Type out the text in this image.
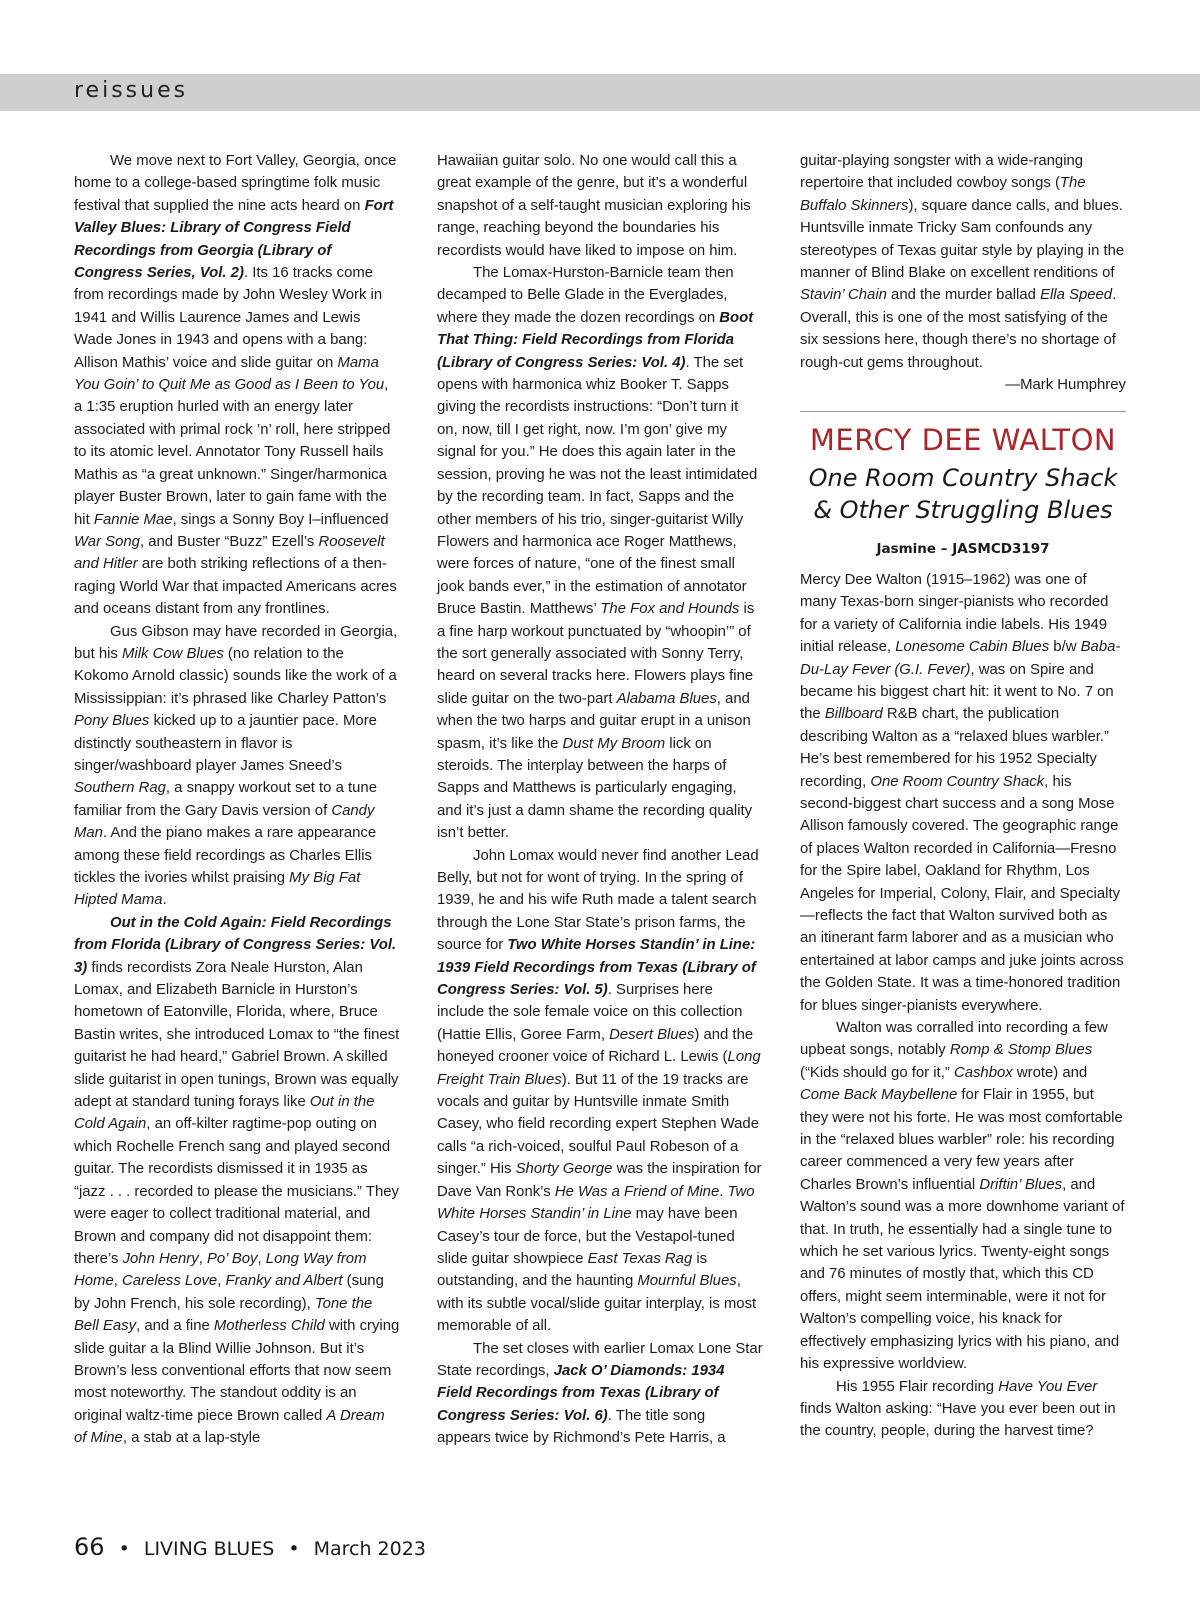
reissues

We move next to Fort Valley, Georgia, once home to a college-based springtime folk music festival that supplied the nine acts heard on Fort Valley Blues: Library of Congress Field Recordings from Georgia (Library of Congress Series, Vol. 2). Its 16 tracks come from recordings made by John Wesley Work in 1941 and Willis Laurence James and Lewis Wade Jones in 1943 and opens with a bang: Allison Mathis’ voice and slide guitar on Mama You Goin’ to Quit Me as Good as I Been to You, a 1:35 eruption hurled with an energy later associated with primal rock ’n’ roll, here stripped to its atomic level. Annotator Tony Russell hails Mathis as “a great unknown.” Singer/harmonica player Buster Brown, later to gain fame with the hit Fannie Mae, sings a Sonny Boy I–influenced War Song, and Buster “Buzz” Ezell’s Roosevelt and Hitler are both striking reflections of a then-raging World War that impacted Americans acres and oceans distant from any frontlines.

Gus Gibson may have recorded in Georgia, but his Milk Cow Blues (no relation to the Kokomo Arnold classic) sounds like the work of a Mississippian: it’s phrased like Charley Patton’s Pony Blues kicked up to a jauntier pace. More distinctly southeastern in flavor is singer/washboard player James Sneed’s Southern Rag, a snappy workout set to a tune familiar from the Gary Davis version of Candy Man. And the piano makes a rare appearance among these field recordings as Charles Ellis tickles the ivories whilst praising My Big Fat Hipted Mama.

Out in the Cold Again: Field Recordings from Florida (Library of Congress Series: Vol. 3) finds recordists Zora Neale Hurston, Alan Lomax, and Elizabeth Barnicle in Hurston’s hometown of Eatonville, Florida, where, Bruce Bastin writes, she introduced Lomax to “the finest guitarist he had heard,” Gabriel Brown. A skilled slide guitarist in open tunings, Brown was equally adept at standard tuning forays like Out in the Cold Again, an off-kilter ragtime-pop outing on which Rochelle French sang and played second guitar. The recordists dismissed it in 1935 as “jazz . . . recorded to please the musicians.” They were eager to collect traditional material, and Brown and company did not disappoint them: there’s John Henry, Po’ Boy, Long Way from Home, Careless Love, Franky and Albert (sung by John French, his sole recording), Tone the Bell Easy, and a fine Motherless Child with crying slide guitar a la Blind Willie Johnson. But it’s Brown’s less conventional efforts that now seem most noteworthy. The standout oddity is an original waltz-time piece Brown called A Dream of Mine, a stab at a lap-style

Hawaiian guitar solo. No one would call this a great example of the genre, but it’s a wonderful snapshot of a self-taught musician exploring his range, reaching beyond the boundaries his recordists would have liked to impose on him.

The Lomax-Hurston-Barnicle team then decamped to Belle Glade in the Everglades, where they made the dozen recordings on Boot That Thing: Field Recordings from Florida (Library of Congress Series: Vol. 4). The set opens with harmonica whiz Booker T. Sapps giving the recordists instructions: “Don’t turn it on, now, till I get right, now. I’m gon’ give my signal for you.” He does this again later in the session, proving he was not the least intimidated by the recording team. In fact, Sapps and the other members of his trio, singer-guitarist Willy Flowers and harmonica ace Roger Matthews, were forces of nature, “one of the finest small jook bands ever,” in the estimation of annotator Bruce Bastin. Matthews’ The Fox and Hounds is a fine harp workout punctuated by “whoopin’” of the sort generally associated with Sonny Terry, heard on several tracks here. Flowers plays fine slide guitar on the two-part Alabama Blues, and when the two harps and guitar erupt in a unison spasm, it’s like the Dust My Broom lick on steroids. The interplay between the harps of Sapps and Matthews is particularly engaging, and it’s just a damn shame the recording quality isn’t better.

John Lomax would never find another Lead Belly, but not for wont of trying. In the spring of 1939, he and his wife Ruth made a talent search through the Lone Star State’s prison farms, the source for Two White Horses Standin’ in Line: 1939 Field Recordings from Texas (Library of Congress Series: Vol. 5). Surprises here include the sole female voice on this collection (Hattie Ellis, Goree Farm, Desert Blues) and the honeyed crooner voice of Richard L. Lewis (Long Freight Train Blues). But 11 of the 19 tracks are vocals and guitar by Huntsville inmate Smith Casey, who field recording expert Stephen Wade calls “a rich-voiced, soulful Paul Robeson of a singer.” His Shorty George was the inspiration for Dave Van Ronk’s He Was a Friend of Mine. Two White Horses Standin’ in Line may have been Casey’s tour de force, but the Vestapol-tuned slide guitar showpiece East Texas Rag is outstanding, and the haunting Mournful Blues, with its subtle vocal/slide guitar interplay, is most memorable of all.

The set closes with earlier Lomax Lone Star State recordings, Jack O’ Diamonds: 1934 Field Recordings from Texas (Library of Congress Series: Vol. 6). The title song appears twice by Richmond’s Pete Harris, a

guitar-playing songster with a wide-ranging repertoire that included cowboy songs (The Buffalo Skinners), square dance calls, and blues. Huntsville inmate Tricky Sam confounds any stereotypes of Texas guitar style by playing in the manner of Blind Blake on excellent renditions of Stavin’ Chain and the murder ballad Ella Speed. Overall, this is one of the most satisfying of the six sessions here, though there’s no shortage of rough-cut gems throughout.

—Mark Humphrey

MERCY DEE WALTON
One Room Country Shack & Other Struggling Blues
Jasmine – JASMCD3197

Mercy Dee Walton (1915–1962) was one of many Texas-born singer-pianists who recorded for a variety of California indie labels. His 1949 initial release, Lonesome Cabin Blues b/w Baba-Du-Lay Fever (G.I. Fever), was on Spire and became his biggest chart hit: it went to No. 7 on the Billboard R&B chart, the publication describing Walton as a “relaxed blues warbler.” He’s best remembered for his 1952 Specialty recording, One Room Country Shack, his second-biggest chart success and a song Mose Allison famously covered. The geographic range of places Walton recorded in California—Fresno for the Spire label, Oakland for Rhythm, Los Angeles for Imperial, Colony, Flair, and Specialty—reflects the fact that Walton survived both as an itinerant farm laborer and as a musician who entertained at labor camps and juke joints across the Golden State. It was a time-honored tradition for blues singer-pianists everywhere.

Walton was corralled into recording a few upbeat songs, notably Romp & Stomp Blues (“Kids should go for it,” Cashbox wrote) and Come Back Maybellene for Flair in 1955, but they were not his forte. He was most comfortable in the “relaxed blues warbler” role: his recording career commenced a very few years after Charles Brown’s influential Driftin’ Blues, and Walton’s sound was a more downhome variant of that. In truth, he essentially had a single tune to which he set various lyrics. Twenty-eight songs and 76 minutes of mostly that, which this CD offers, might seem interminable, were it not for Walton’s compelling voice, his knack for effectively emphasizing lyrics with his piano, and his expressive worldview.

His 1955 Flair recording Have You Ever finds Walton asking: “Have you ever been out in the country, people, during the harvest time?

66 • LIVING BLUES • March 2023
